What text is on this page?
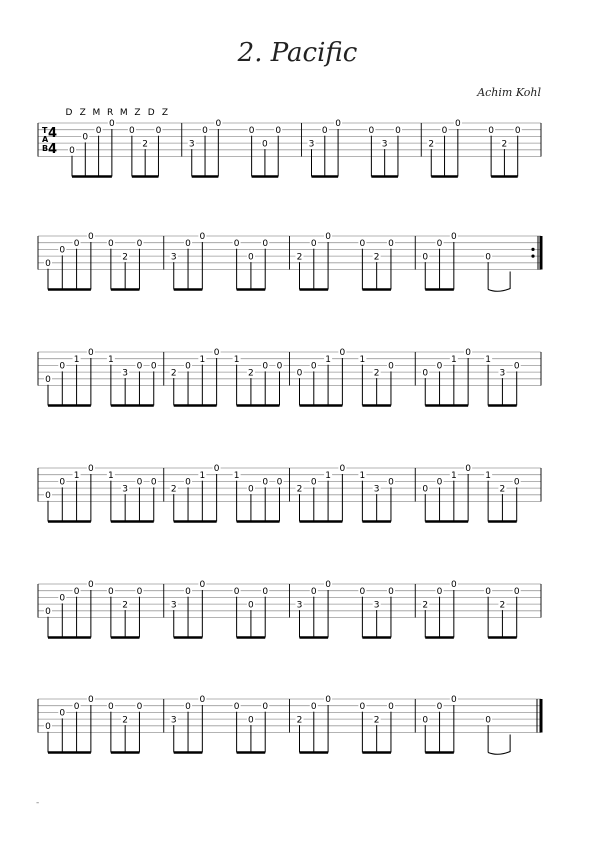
2. Pacific
Achim Kohl
-
T
A
B
4
4
D Z M R M Z D Z
0
0
0
0
0
2
0
3
0
0
0
0
0
3
0
0
0
3
0
2
0
0
0
2
0
0
0
0
0
0
2
0
3
0
0
0
0
0
2
0
0
0
2
0
0
0
0
0
0
0
1
0
1
3
0 0
2
0
1
0
1
2
0 0
0
0
1
0
1
2
0
0
0
1
0
1
3
0
0
0
1
0
1
3
0 0
2
0
1
0
1
0
0 0
2
0
1
0
1
3
0
0
0
1
0
1
2
0
0
0
0
0
0
2
0
3
0
0
0
0
0
3
0
0
0
3
0
2
0
0
0
2
0
0
0
0
0
0
2
0
3
0
0
0
0
0
2
0
0
0
2
0
0
0
0
0
